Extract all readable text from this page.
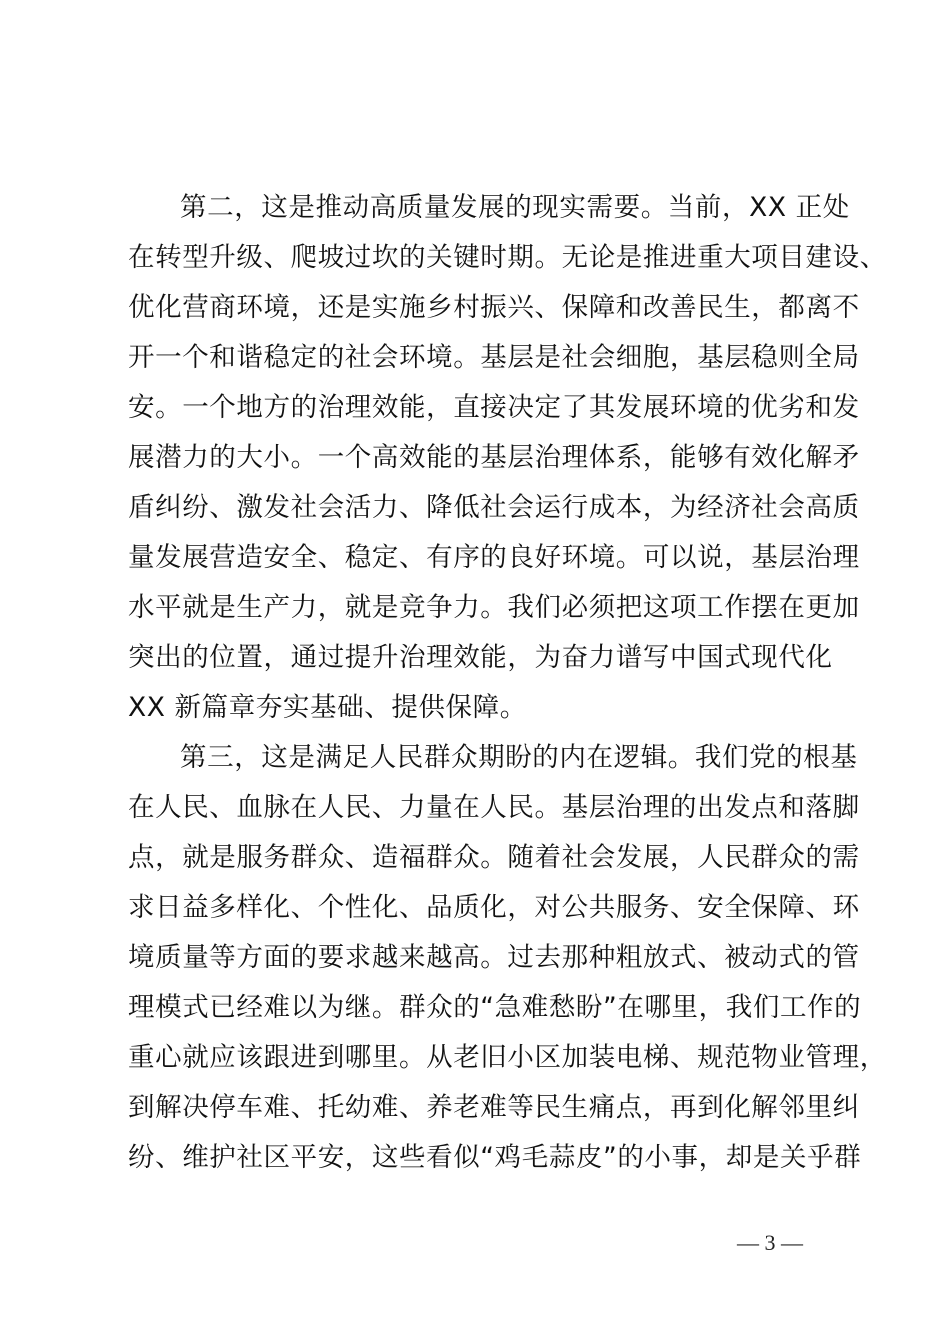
第二，这是推动高质量发展的现实需要。当前，XX 正处
在转型升级、爬坡过坎的关键时期。无论是推进重大项目建设、
优化营商环境，还是实施乡村振兴、保障和改善民生，都离不
开一个和谐稳定的社会环境。基层是社会细胞，基层稳则全局
安。一个地方的治理效能，直接决定了其发展环境的优劣和发
展潜力的大小。一个高效能的基层治理体系，能够有效化解矛
盾纠纷、激发社会活力、降低社会运行成本，为经济社会高质
量发展营造安全、稳定、有序的良好环境。可以说，基层治理
水平就是生产力，就是竞争力。我们必须把这项工作摆在更加
突出的位置，通过提升治理效能，为奋力谱写中国式现代化
XX 新篇章夯实基础、提供保障。
第三，这是满足人民群众期盼的内在逻辑。我们党的根基
在人民、血脉在人民、力量在人民。基层治理的出发点和落脚
点，就是服务群众、造福群众。随着社会发展，人民群众的需
求日益多样化、个性化、品质化，对公共服务、安全保障、环
境质量等方面的要求越来越高。过去那种粗放式、被动式的管
理模式已经难以为继。群众的“急难愁盼”在哪里，我们工作的
重心就应该跟进到哪里。从老旧小区加装电梯、规范物业管理，
到解决停车难、托幼难、养老难等民生痛点，再到化解邻里纠
纷、维护社区平安，这些看似“鸡毛蒜皮”的小事，却是关乎群
— 3 —
